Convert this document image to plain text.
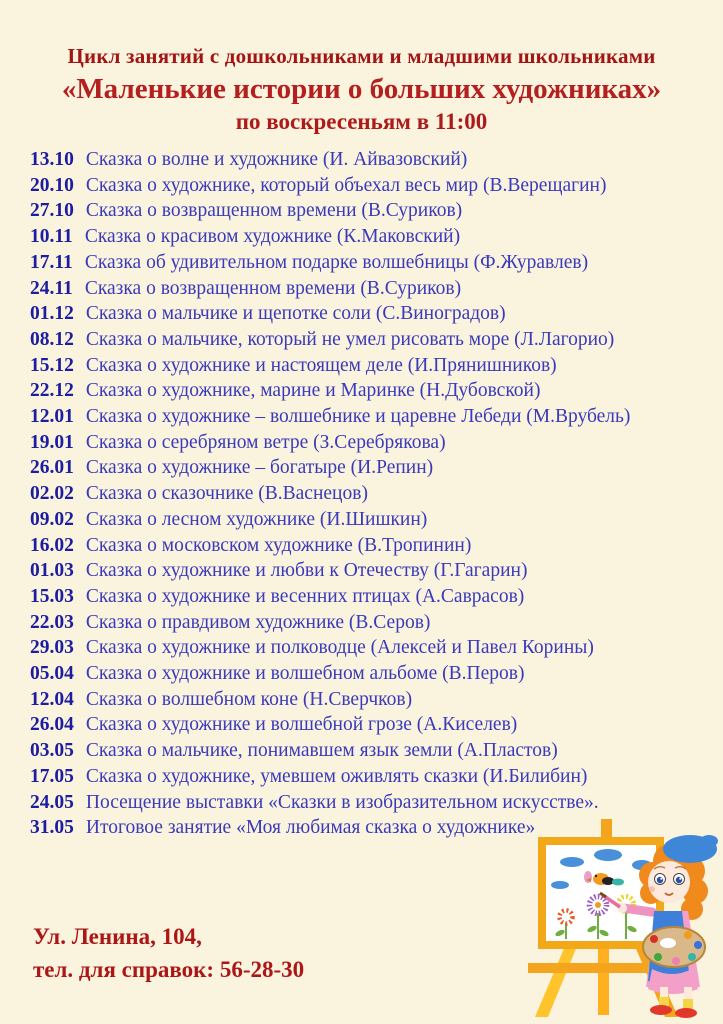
Цикл занятий с дошкольниками и младшими школьниками
«Маленькие истории о больших художниках»
по воскресеньям в 11:00
13.10 Сказка о волне и художнике (И. Айвазовский)
20.10 Сказка о художнике, который объехал весь мир (В.Верещагин)
27.10 Сказка о возвращенном времени (В.Суриков)
10.11 Сказка о красивом художнике (К.Маковский)
17.11 Сказка об удивительном подарке волшебницы (Ф.Журавлев)
24.11 Сказка о возвращенном времени (В.Суриков)
01.12 Сказка о мальчике и щепотке соли (С.Виноградов)
08.12 Сказка о мальчике, который не умел рисовать море (Л.Лагорио)
15.12 Сказка о художнике и настоящем деле (И.Прянишников)
22.12 Сказка о художнике, марине и Маринке (Н.Дубовской)
12.01 Сказка о художнике – волшебнике и царевне Лебеди (М.Врубель)
19.01 Сказка о серебряном ветре (З.Серебрякова)
26.01 Сказка о художнике – богатыре (И.Репин)
02.02 Сказка о сказочнике (В.Васнецов)
09.02 Сказка о лесном художнике (И.Шишкин)
16.02 Сказка о московском художнике (В.Тропинин)
01.03 Сказка о художнике и любви к Отечеству (Г.Гагарин)
15.03 Сказка о художнике и весенних птицах (А.Саврасов)
22.03 Сказка о правдивом художнике (В.Серов)
29.03 Сказка о художнике и полководце (Алексей и Павел Корины)
05.04 Сказка о художнике и волшебном альбоме (В.Перов)
12.04 Сказка о волшебном коне (Н.Сверчков)
26.04 Сказка о художнике и волшебной грозе (А.Киселев)
03.05 Сказка о мальчике, понимавшем язык земли (А.Пластов)
17.05 Сказка о художнике, умевшем оживлять сказки (И.Билибин)
24.05 Посещение выставки «Сказки в изобразительном искусстве».
31.05 Итоговое занятие «Моя любимая сказка о художнике»
Ул. Ленина, 104,
тел. для справок: 56-28-30
